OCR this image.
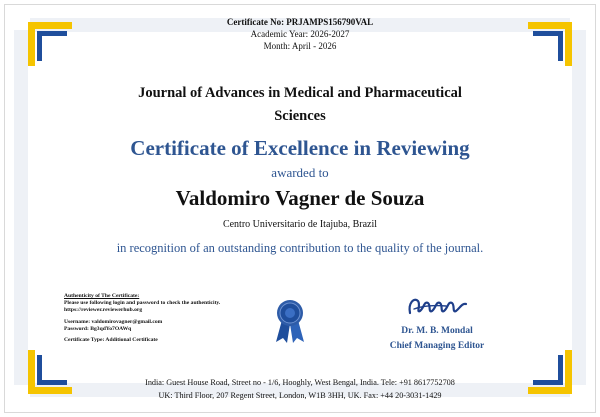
Certificate No: PRJAMPS156790VAL
Academic Year: 2026-2027
Month: April - 2026
Journal of Advances in Medical and Pharmaceutical
Sciences
Certificate of Excellence in Reviewing
awarded to
Valdomiro Vagner de Souza
Centro Universitario de Itajuba, Brazil
in recognition of an outstanding contribution to the quality of the journal.
Authenticity of The Certificate:
Please use following login and password to check the authenticity.
https://reviewer.reviewerhub.org
Username: valdomirovagner@gmail.com
Password: Bg3qdYo7OAWq
Certificate Type: Additional Certificate
Dr. M. B. Mondal
Chief Managing Editor
India: Guest House Road, Street no - 1/6, Hooghly, West Bengal, India. Tele: +91 8617752708
UK: Third Floor, 207 Regent Street, London, W1B 3HH, UK. Fax: +44 20-3031-1429
